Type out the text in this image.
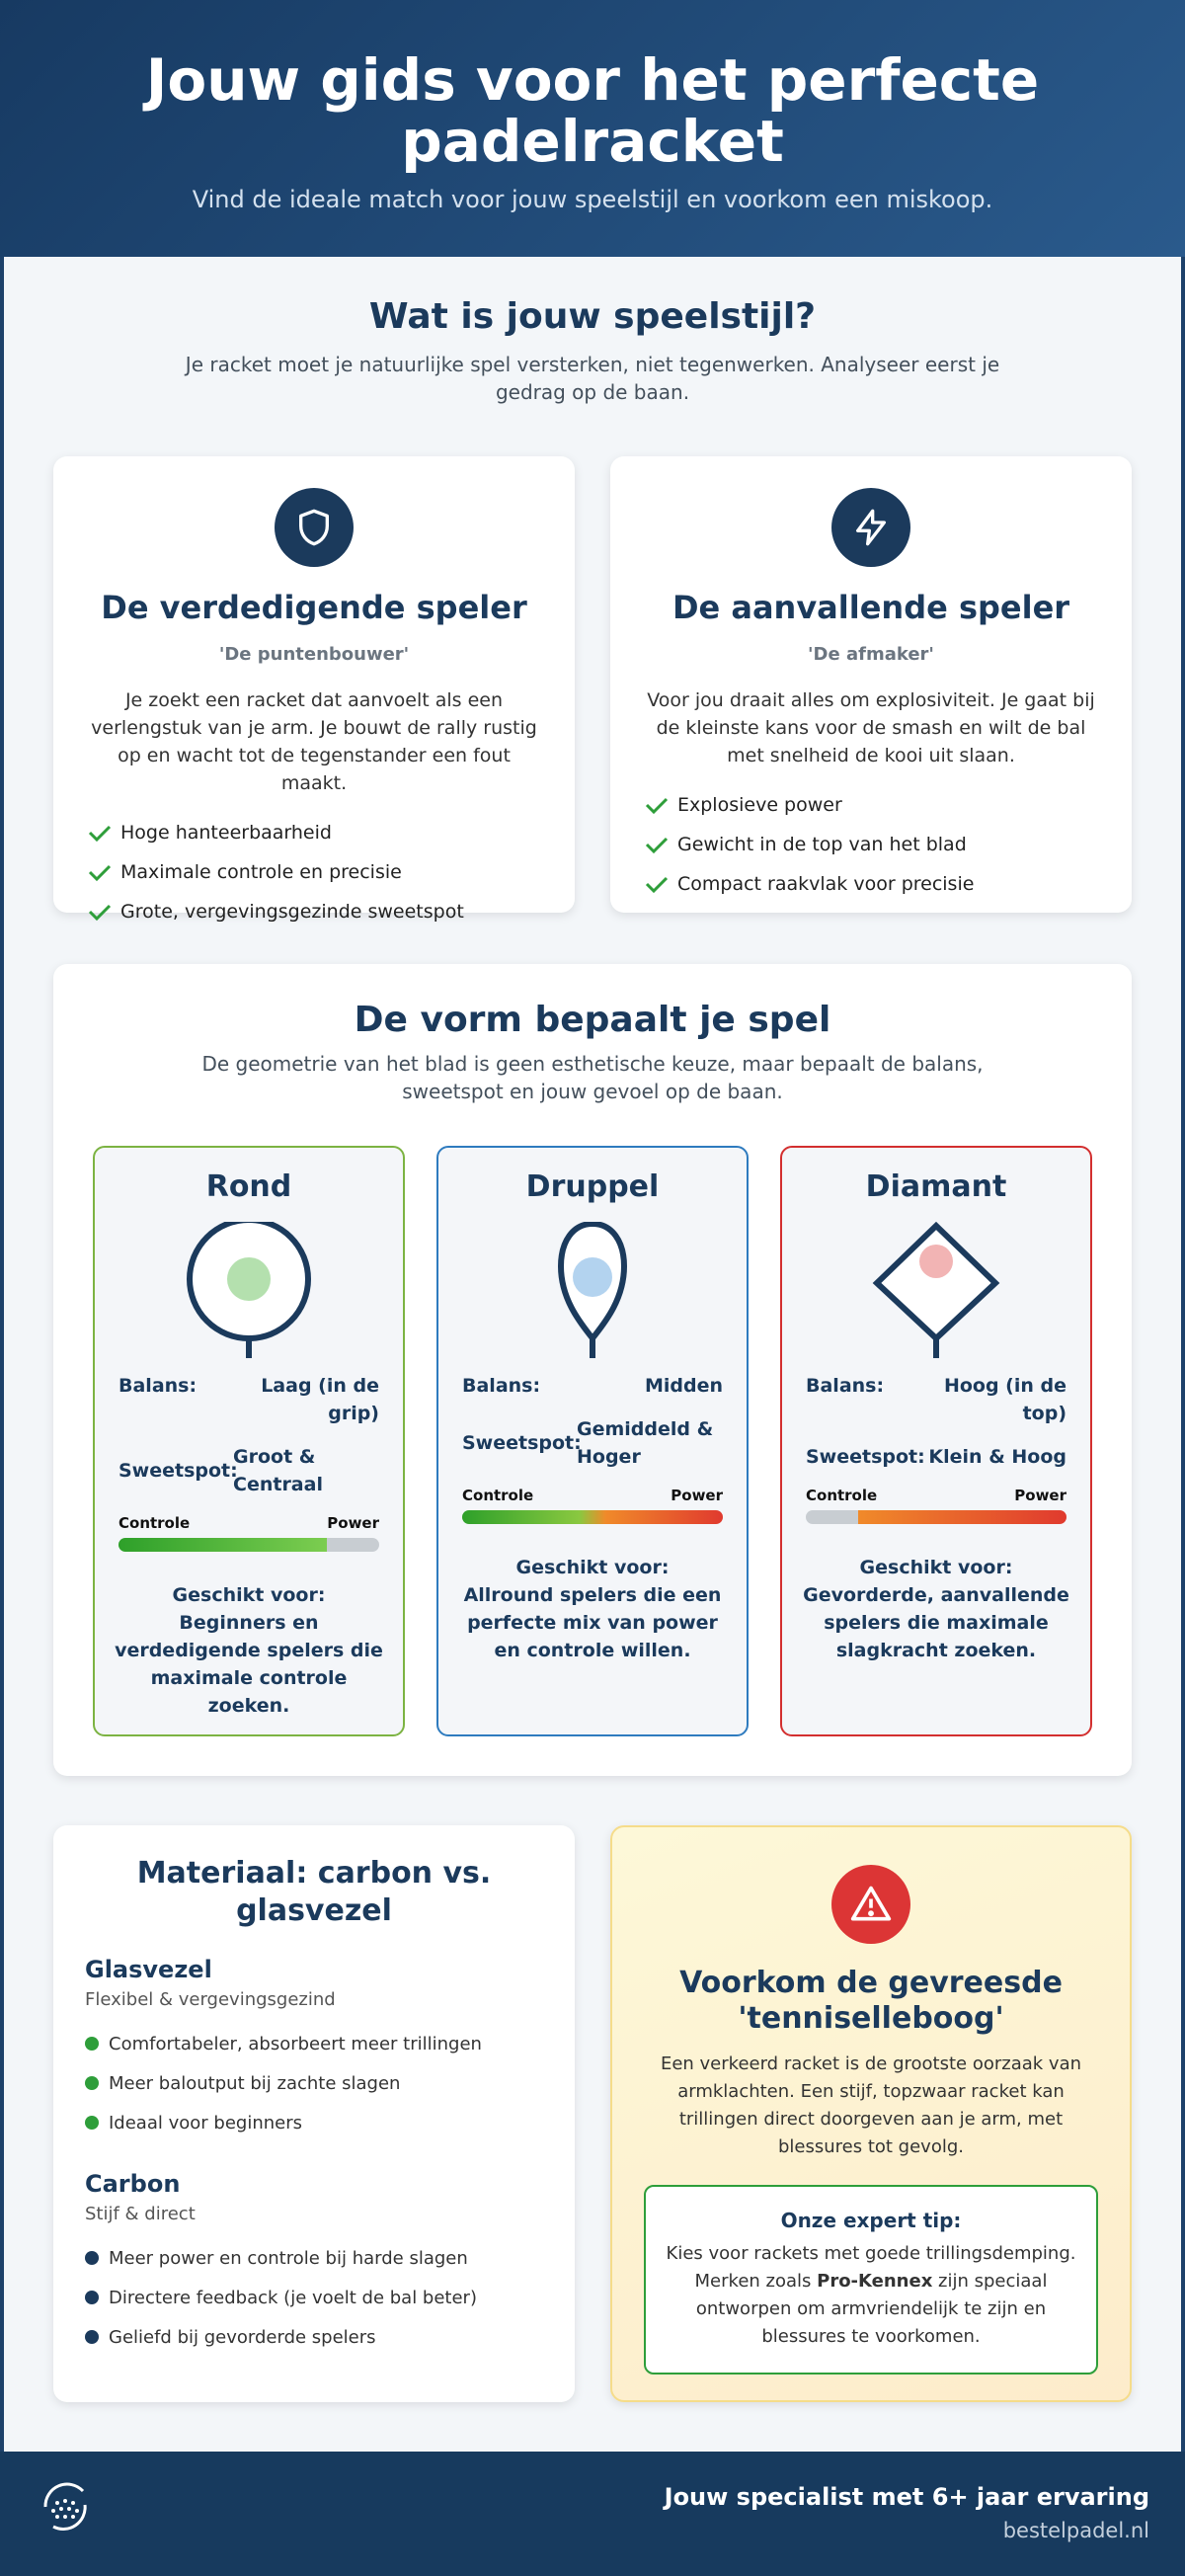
Jouw gids voor het perfecte padelracket

Vind de ideale match voor jouw speelstijl en voorkom een miskoop.

Wat is jouw speelstijl?
Je racket moet je natuurlijke spel versterken, niet tegenwerken. Analyseer eerst je gedrag op de baan.
De verdedigende speler
'De puntenbouwer'
Je zoekt een racket dat aanvoelt als een verlengstuk van je arm. Je bouwt de rally rustig op en wacht tot de tegenstander een fout maakt.
Hoge hanteerbaarheid
Maximale controle en precisie
Grote, vergevingsgezinde sweetspot
De aanvallende speler
'De afmaker'
Voor jou draait alles om explosiviteit. Je gaat bij de kleinste kans voor de smash en wilt de bal met snelheid de kooi uit slaan.
Explosieve power
Gewicht in de top van het blad
Compact raakvlak voor precisie
De vorm bepaalt je spel
De geometrie van het blad is geen esthetische keuze, maar bepaalt de balans, sweetspot en jouw gevoel op de baan.
Rond
Balans:	Laag (in de grip)
Sweetspot:
Groot & Centraal
Controle	Power
Geschikt voor:
Beginners en verdedigende spelers die maximale controle zoeken.
Druppel
Balans:	Midden
Sweetspot:
Gemiddeld & Hoger
Controle	Power
Geschikt voor:
Allround spelers die een perfecte mix van power en controle willen.
Diamant
Balans:	Hoog (in de top)
Sweetspot: Klein & Hoog
Controle	Power
Geschikt voor:
Gevorderde, aanvallende spelers die maximale slagkracht zoeken.
Materiaal: carbon vs. glasvezel
Glasvezel
Flexibel & vergevingsgezind
Comfortabeler, absorbeert meer trillingen
Meer baloutput bij zachte slagen
Ideaal voor beginners
Carbon
Stijf & direct
Meer power en controle bij harde slagen
Directere feedback (je voelt de bal beter)
Geliefd bij gevorderde spelers
Voorkom de gevreesde 'tenniselleboog'
Een verkeerd racket is de grootste oorzaak van armklachten. Een stijf, topzwaar racket kan trillingen direct doorgeven aan je arm, met blessures tot gevolg.
Onze expert tip:
Kies voor rackets met goede trillingsdemping. Merken zoals Pro-Kennex zijn speciaal ontworpen om armvriendelijk te zijn en blessures te voorkomen.
Jouw specialist met 6+ jaar ervaring
bestelpadel.nl
